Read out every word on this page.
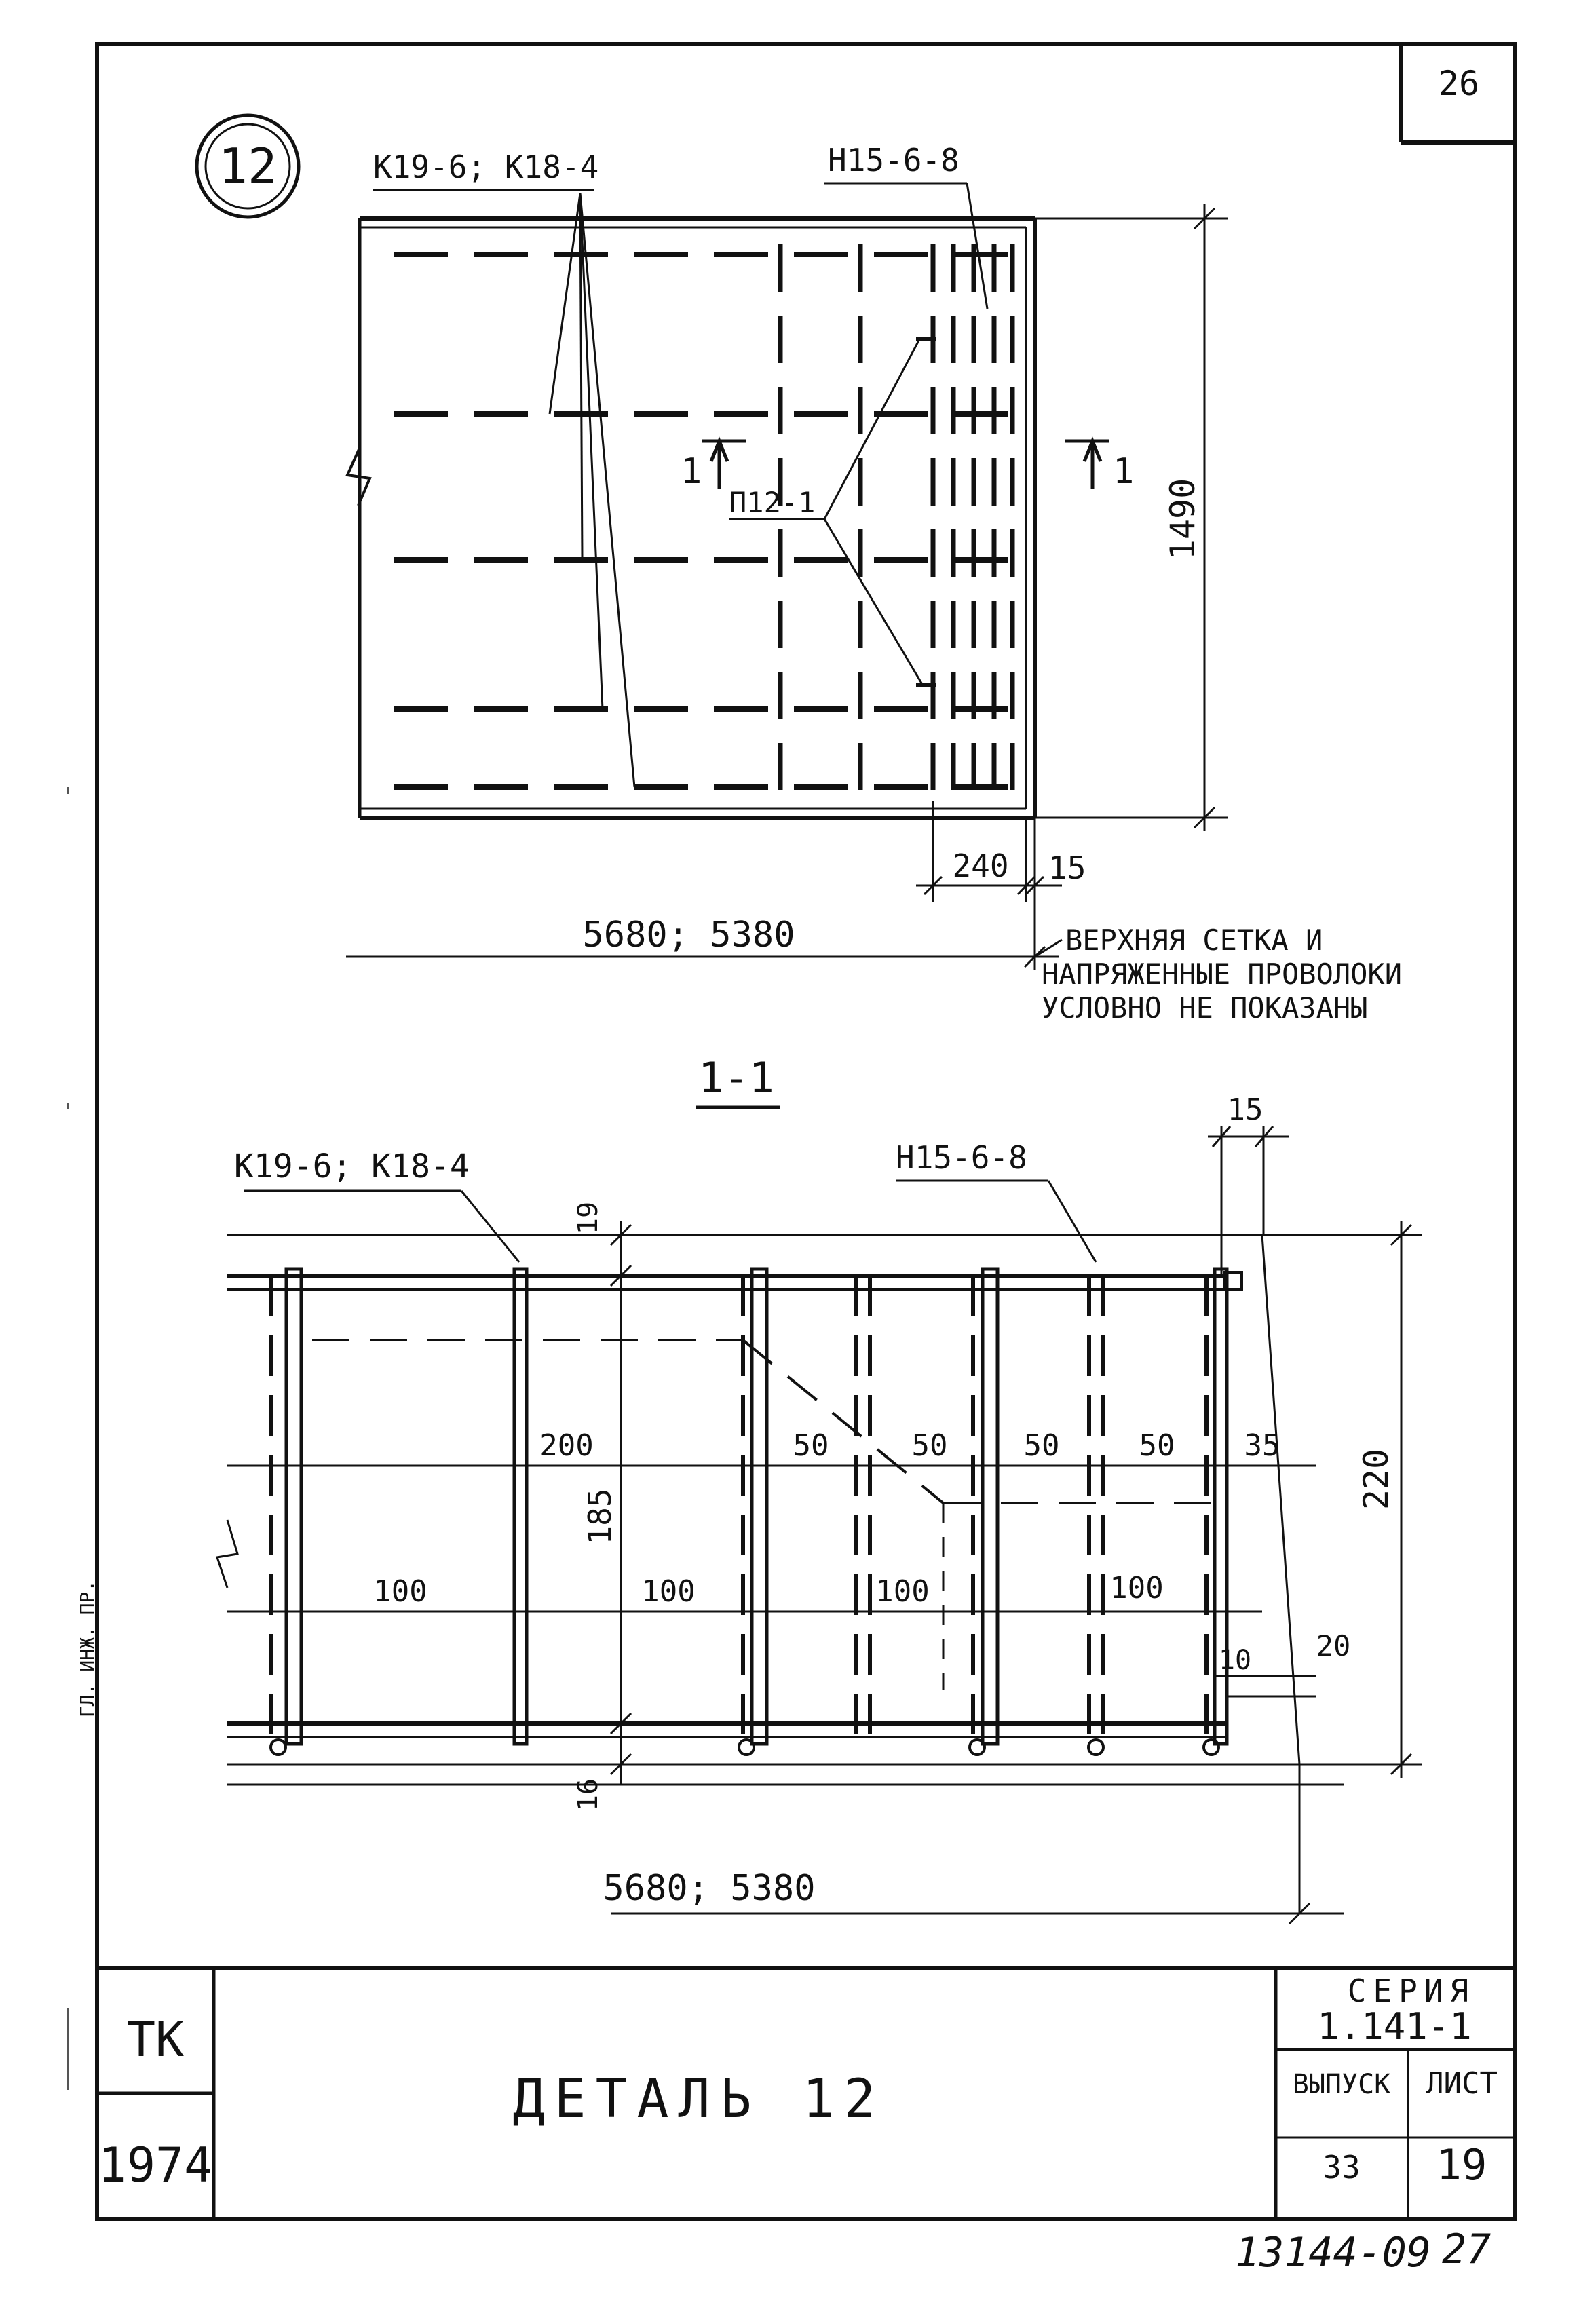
26
12	К19-6; К18-4	Н15-6-8
П12-1
1	1
1490
240 15
5680; 5380	ВЕРХНЯЯ СЕТКА И
НАПРЯЖЕННЫЕ ПРОВОЛОКИ
УСЛОВНО НЕ ПОКАЗАНЫ
1-1
К19-6; К18-4	Н15-6-8
15
19
16
185
220
200	50	50	50	50 35
100	100	100	100
10 20
5680; 5380
ТК
1974
ДЕТАЛЬ 12
СЕРИЯ
1.141-1
ВЫПУСК
33
ЛИСТ
19
ГЛ. ИНЖ. ПР.
13144-09 27
